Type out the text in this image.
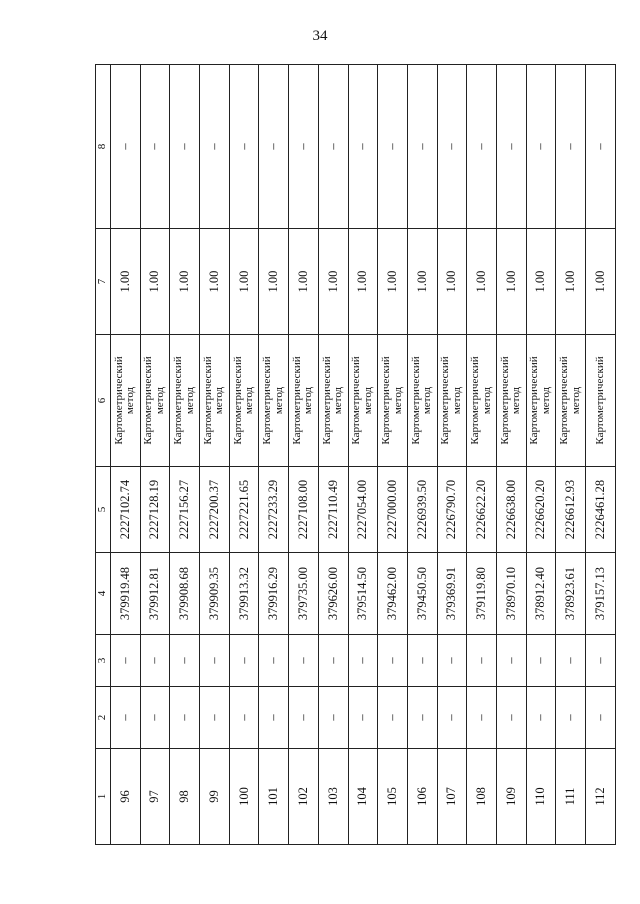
34
1	2	3	4	5	6	7	8
96	–	–	379919.48	2227102.74	Картометрический метод	1.00	–
97	–	–	379912.81	2227128.19	Картометрический метод	1.00	–
98	–	–	379908.68	2227156.27	Картометрический метод	1.00	–
99	–	–	379909.35	2227200.37	Картометрический метод	1.00	–
100	–	–	379913.32	2227221.65	Картометрический метод	1.00	–
101	–	–	379916.29	2227233.29	Картометрический метод	1.00	–
102	–	–	379735.00	2227108.00	Картометрический метод	1.00	–
103	–	–	379626.00	2227110.49	Картометрический метод	1.00	–
104	–	–	379514.50	2227054.00	Картометрический метод	1.00	–
105	–	–	379462.00	2227000.00	Картометрический метод	1.00	–
106	–	–	379450.50	2226939.50	Картометрический метод	1.00	–
107	–	–	379369.91	2226790.70	Картометрический метод	1.00	–
108	–	–	379119.80	2226622.20	Картометрический метод	1.00	–
109	–	–	378970.10	2226638.00	Картометрический метод	1.00	–
110	–	–	378912.40	2226620.20	Картометрический метод	1.00	–
111	–	–	378923.61	2226612.93	Картометрический метод	1.00	–
112	–	–	379157.13	2226461.28	Картометрический	1.00	–
